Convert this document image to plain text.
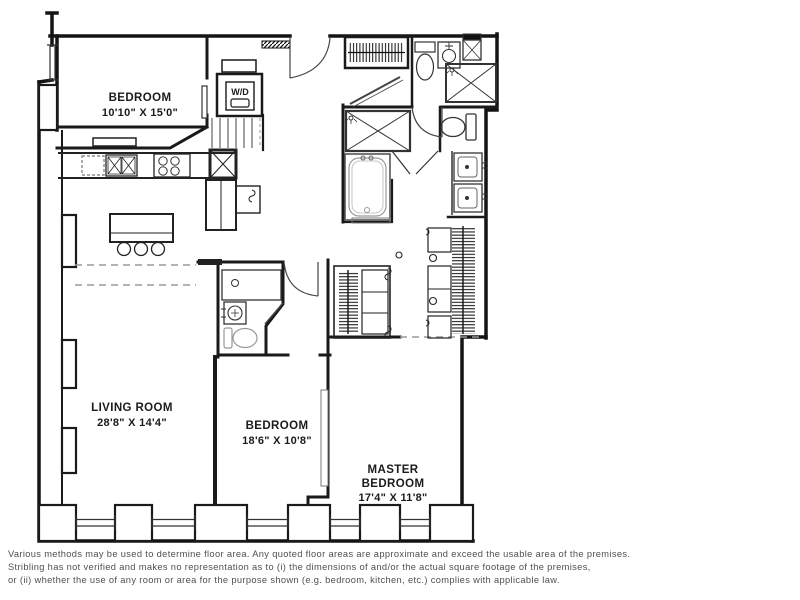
W/D
BEDROOM
10'10" X 15'0"
LIVING ROOM
28'8" X 14'4"	BEDROOM
18'6" X 10'8"
MASTER
BEDROOM
17'4" X 11'8"
Various methods may be used to determine floor area. Any quoted floor areas are approximate and exceed the usable area of the premises.
Stribling has not verified and makes no representation as to (i) the dimensions of and/or the actual square footage of the premises,
or (ii) whether the use of any room or area for the purpose shown (e.g. bedroom, kitchen, etc.) complies with applicable law.
